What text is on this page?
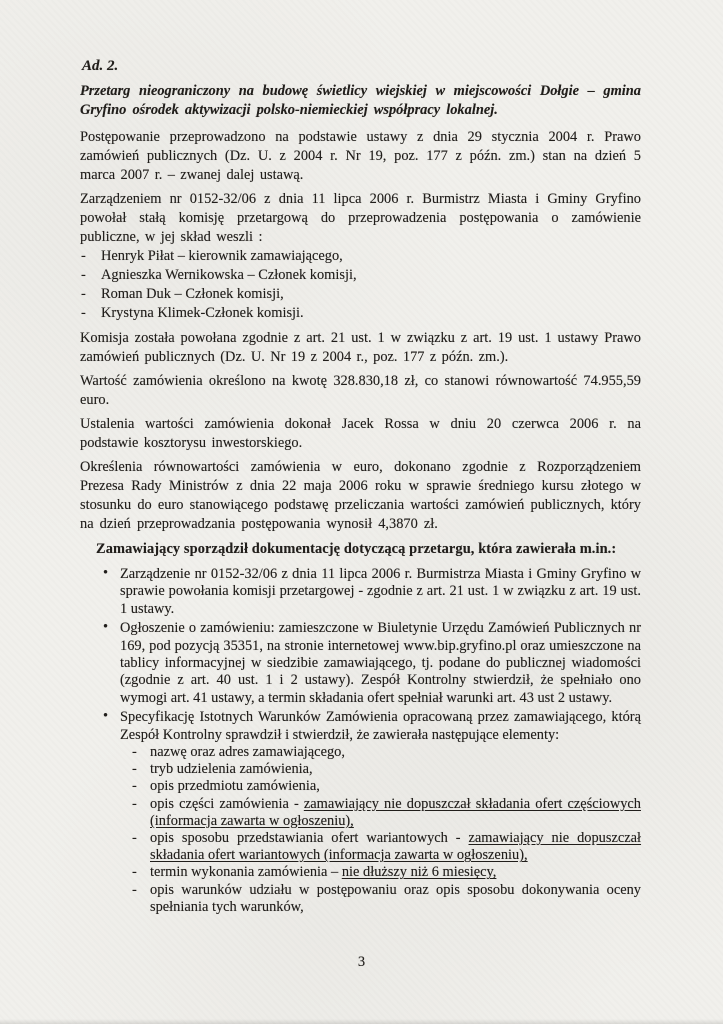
Ad. 2.

Przetarg nieograniczony na budowę świetlicy wiejskiej w miejscowości Dołgie – gmina Gryfino ośrodek aktywizacji polsko-niemieckiej współpracy lokalnej.

Postępowanie przeprowadzono na podstawie ustawy z dnia 29 stycznia 2004 r. Prawo zamówień publicznych (Dz. U. z 2004 r. Nr 19, poz. 177 z późn. zm.) stan na dzień 5 marca 2007 r. – zwanej dalej ustawą.

Zarządzeniem nr 0152-32/06 z dnia 11 lipca 2006 r. Burmistrz Miasta i Gminy Gryfino powołał stałą komisję przetargową do przeprowadzenia postępowania o zamówienie publiczne, w jej skład weszli :

- Henryk Piłat – kierownik zamawiającego,
- Agnieszka Wernikowska – Członek komisji,
- Roman Duk – Członek komisji,
- Krystyna Klimek-Członek komisji.

Komisja została powołana zgodnie z art. 21 ust. 1 w związku z art. 19 ust. 1 ustawy Prawo zamówień publicznych (Dz. U. Nr 19 z 2004 r., poz. 177 z późn. zm.).

Wartość zamówienia określono na kwotę 328.830,18 zł, co stanowi równowartość 74.955,59 euro.

Ustalenia wartości zamówienia dokonał Jacek Rossa w dniu 20 czerwca 2006 r. na podstawie kosztorysu inwestorskiego.

Określenia równowartości zamówienia w euro, dokonano zgodnie z Rozporządzeniem Prezesa Rady Ministrów z dnia 22 maja 2006 roku w sprawie średniego kursu złotego w stosunku do euro stanowiącego podstawę przeliczania wartości zamówień publicznych, który na dzień przeprowadzania postępowania wynosił 4,3870 zł.

Zamawiający sporządził dokumentację dotyczącą przetargu, która zawierała m.in.:

• Zarządzenie nr 0152-32/06 z dnia 11 lipca 2006 r. Burmistrza Miasta i Gminy Gryfino w sprawie powołania komisji przetargowej - zgodnie z art. 21 ust. 1 w związku z art. 19 ust. 1 ustawy.
• Ogłoszenie o zamówieniu: zamieszczone w Biuletynie Urzędu Zamówień Publicznych nr 169, pod pozycją 35351, na stronie internetowej www.bip.gryfino.pl oraz umieszczone na tablicy informacyjnej w siedzibie zamawiającego, tj. podane do publicznej wiadomości (zgodnie z art. 40 ust. 1 i 2 ustawy). Zespół Kontrolny stwierdził, że spełniało ono wymogi art. 41 ustawy, a termin składania ofert spełniał warunki art. 43 ust 2 ustawy.
• Specyfikację Istotnych Warunków Zamówienia opracowaną przez zamawiającego, którą Zespół Kontrolny sprawdził i stwierdził, że zawierała następujące elementy:
- nazwę oraz adres zamawiającego,
- tryb udzielenia zamówienia,
- opis przedmiotu zamówienia,
- opis części zamówienia - zamawiający nie dopuszczał składania ofert częściowych (informacja zawarta w ogłoszeniu),
- opis sposobu przedstawiania ofert wariantowych - zamawiający nie dopuszczał składania ofert wariantowych (informacja zawarta w ogłoszeniu),
- termin wykonania zamówienia – nie dłuższy niż 6 miesięcy,
- opis warunków udziału w postępowaniu oraz opis sposobu dokonywania oceny spełniania tych warunków,
3
